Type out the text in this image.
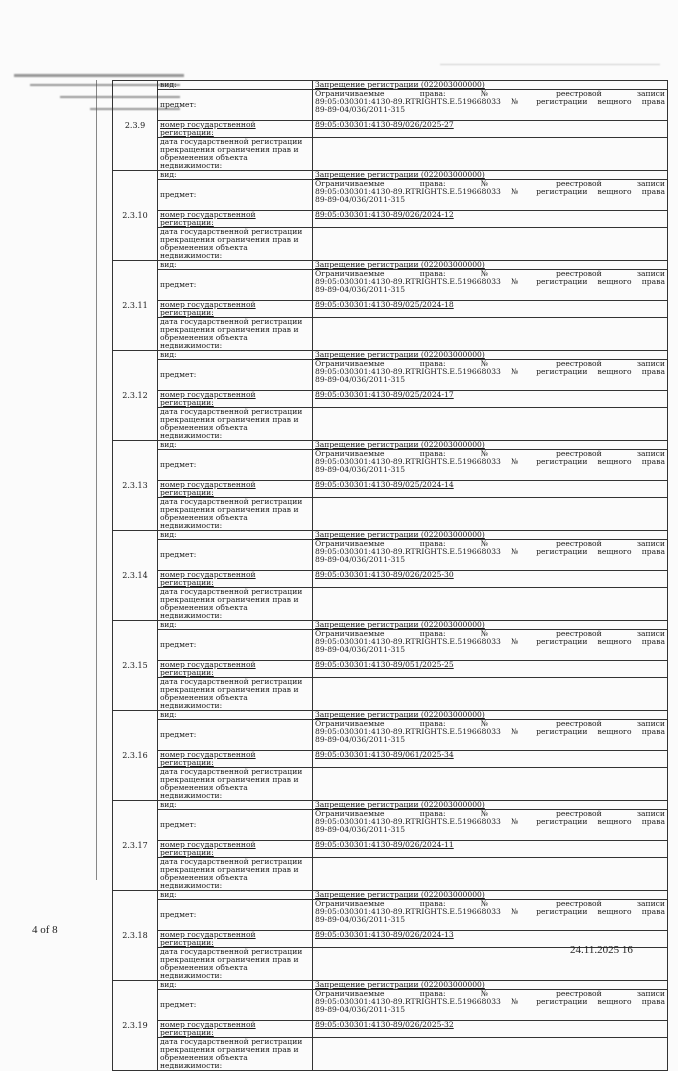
2.3.9	вид:	Запрещение регистрации (022003000000)
	предмет:	Ограничиваемые права: № реестровой записи
89:05:030301:4130-89.RTRIGHTS.E.519668033 № регистрации вещного права
89-89-04/036/2011-315

	номер государственной регистрации:	89:05:030301:4130-89/026/2025-27
	дата государственной регистрации прекращения ограничения прав и обременения объекта недвижимости:	
2.3.10	вид:	Запрещение регистрации (022003000000)
	предмет:	Ограничиваемые права: № реестровой записи
89:05:030301:4130-89.RTRIGHTS.E.519668033 № регистрации вещного права
89-89-04/036/2011-315

	номер государственной регистрации:	89:05:030301:4130-89/026/2024-12
	дата государственной регистрации прекращения ограничения прав и обременения объекта недвижимости:	
2.3.11	вид:	Запрещение регистрации (022003000000)
	предмет:	Ограничиваемые права: № реестровой записи
89:05:030301:4130-89.RTRIGHTS.E.519668033 № регистрации вещного права
89-89-04/036/2011-315

	номер государственной регистрации:	89:05:030301:4130-89/025/2024-18
	дата государственной регистрации прекращения ограничения прав и обременения объекта недвижимости:	
2.3.12	вид:	Запрещение регистрации (022003000000)
	предмет:	Ограничиваемые права: № реестровой записи
89:05:030301:4130-89.RTRIGHTS.E.519668033 № регистрации вещного права
89-89-04/036/2011-315

	номер государственной регистрации:	89:05:030301:4130-89/025/2024-17
	дата государственной регистрации прекращения ограничения прав и обременения объекта недвижимости:	
2.3.13	вид:	Запрещение регистрации (022003000000)
	предмет:	Ограничиваемые права: № реестровой записи
89:05:030301:4130-89.RTRIGHTS.E.519668033 № регистрации вещного права
89-89-04/036/2011-315

	номер государственной регистрации:	89:05:030301:4130-89/025/2024-14
	дата государственной регистрации прекращения ограничения прав и обременения объекта недвижимости:	
2.3.14	вид:	Запрещение регистрации (022003000000)
	предмет:	Ограничиваемые права: № реестровой записи
89:05:030301:4130-89.RTRIGHTS.E.519668033 № регистрации вещного права
89-89-04/036/2011-315

	номер государственной регистрации:	89:05:030301:4130-89/026/2025-30
	дата государственной регистрации прекращения ограничения прав и обременения объекта недвижимости:	
2.3.15	вид:	Запрещение регистрации (022003000000)
	предмет:	Ограничиваемые права: № реестровой записи
89:05:030301:4130-89.RTRIGHTS.E.519668033 № регистрации вещного права
89-89-04/036/2011-315

	номер государственной регистрации:	89:05:030301:4130-89/051/2025-25
	дата государственной регистрации прекращения ограничения прав и обременения объекта недвижимости:	
2.3.16	вид:	Запрещение регистрации (022003000000)
	предмет:	Ограничиваемые права: № реестровой записи
89:05:030301:4130-89.RTRIGHTS.E.519668033 № регистрации вещного права
89-89-04/036/2011-315

	номер государственной регистрации:	89:05:030301:4130-89/061/2025-34
	дата государственной регистрации прекращения ограничения прав и обременения объекта недвижимости:	
2.3.17	вид:	Запрещение регистрации (022003000000)
	предмет:	Ограничиваемые права: № реестровой записи
89:05:030301:4130-89.RTRIGHTS.E.519668033 № регистрации вещного права
89-89-04/036/2011-315

	номер государственной регистрации:	89:05:030301:4130-89/026/2024-11
	дата государственной регистрации прекращения ограничения прав и обременения объекта недвижимости:	
2.3.18	вид:	Запрещение регистрации (022003000000)
	предмет:	Ограничиваемые права: № реестровой записи
89:05:030301:4130-89.RTRIGHTS.E.519668033 № регистрации вещного права
89-89-04/036/2011-315

	номер государственной регистрации:	89:05:030301:4130-89/026/2024-13
	дата государственной регистрации прекращения ограничения прав и обременения объекта недвижимости:	
2.3.19	вид:	Запрещение регистрации (022003000000)
	предмет:	Ограничиваемые права: № реестровой записи
89:05:030301:4130-89.RTRIGHTS.E.519668033 № регистрации вещного права
89-89-04/036/2011-315

	номер государственной регистрации:	89:05:030301:4130-89/026/2025-32
	дата государственной регистрации прекращения ограничения прав и обременения объекта недвижимости:	
4 of 8
24.11.2025 16
